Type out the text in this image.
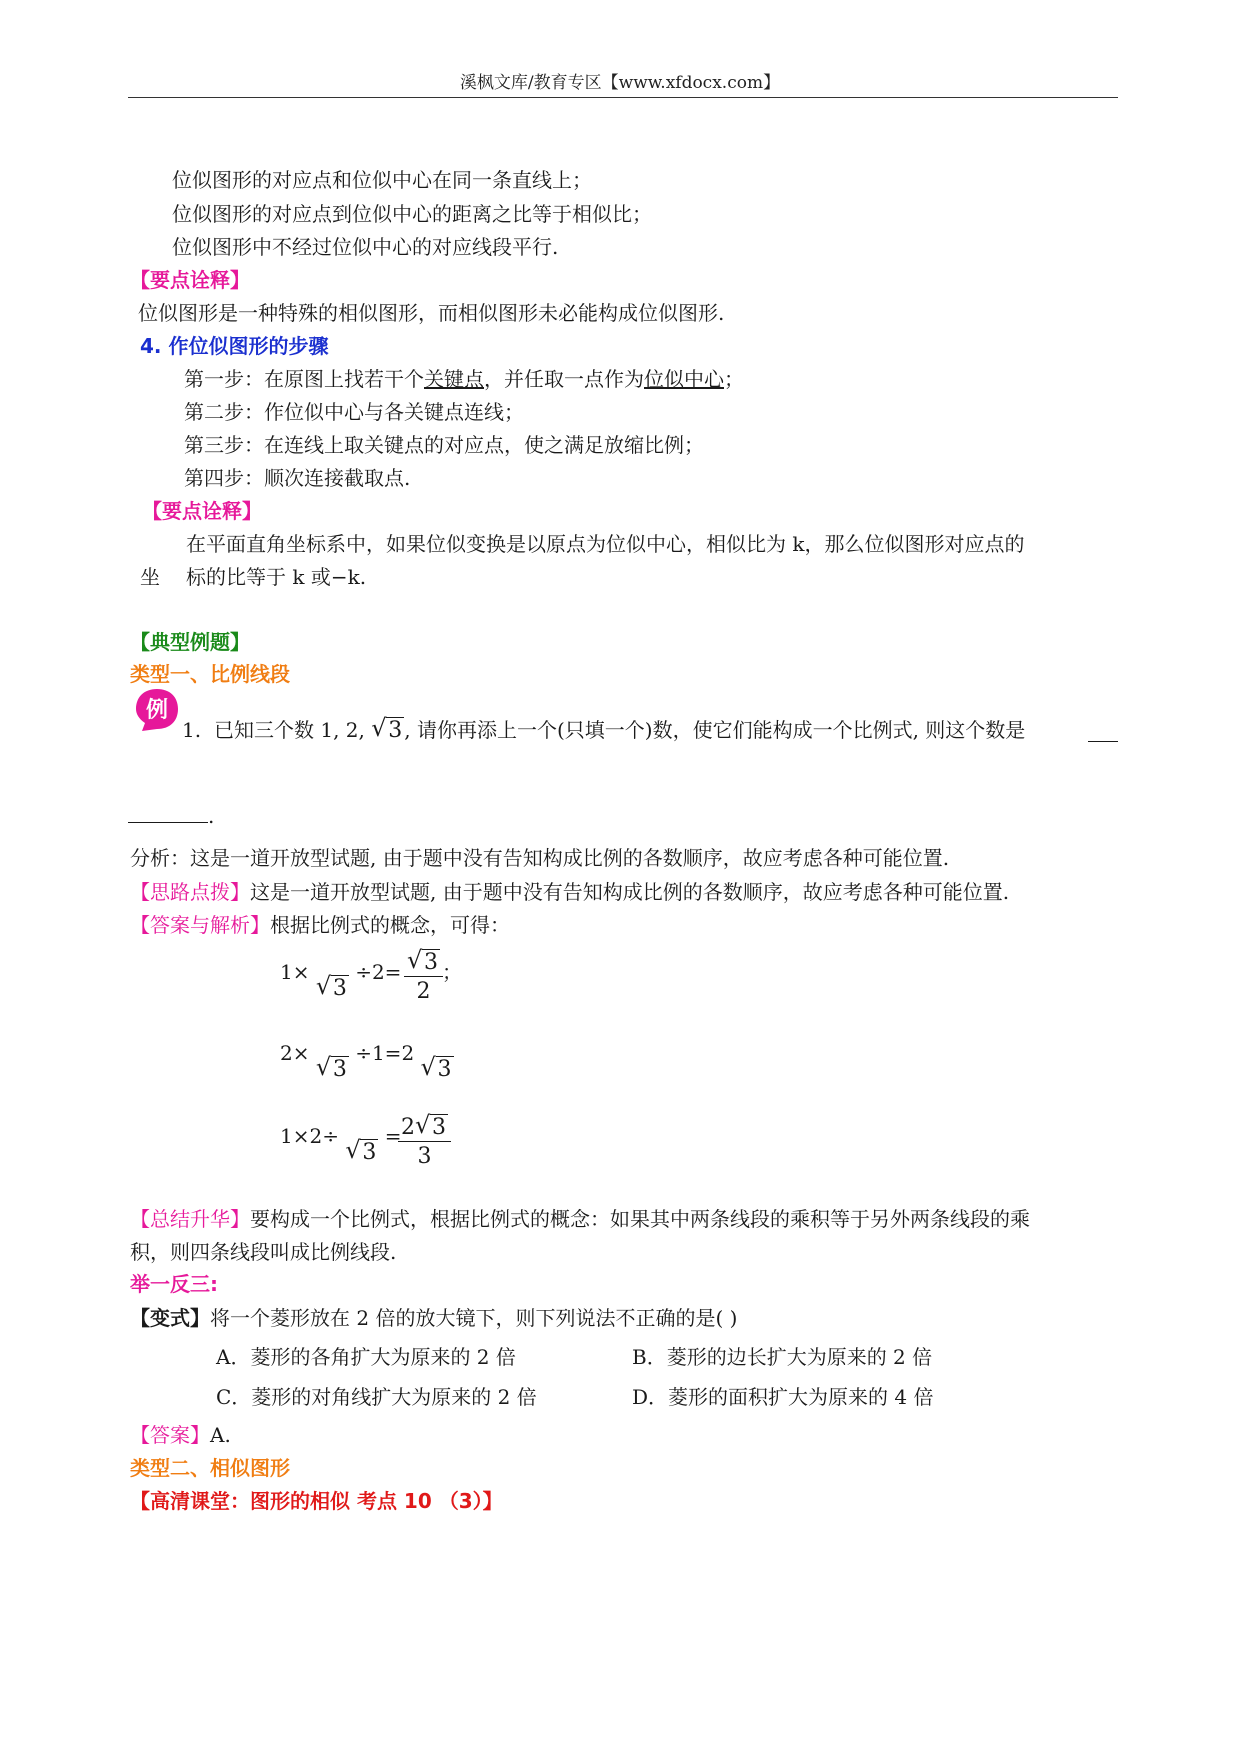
溪枫文库/教育专区【www.xfdocx.com】
位似图形的对应点和位似中心在同一条直线上；
位似图形的对应点到位似中心的距离之比等于相似比；
位似图形中不经过位似中心的对应线段平行.
【要点诠释】
位似图形是一种特殊的相似图形，而相似图形未必能构成位似图形.
4. 作位似图形的步骤
第一步：在原图上找若干个关键点，并任取一点作为位似中心；
第二步：作位似中心与各关键点连线；
第三步：在连线上取关键点的对应点，使之满足放缩比例；
第四步：顺次连接截取点.
【要点诠释】
在平面直角坐标系中，如果位似变换是以原点为位似中心，相似比为 k，那么位似图形对应点的
坐 标的比等于 k 或−k.
【典型例题】
类型一、比例线段
例
1. 已知三个数 1, 2, √ 3 , 请你再添上一个(只填一个)数，使它们能构成一个比例式, 则这个数是
.
分析：这是一道开放型试题, 由于题中没有告知构成比例的各数顺序，故应考虑各种可能位置.
【思路点拨】这是一道开放型试题, 由于题中没有告知构成比例的各数顺序，故应考虑各种可能位置.
【答案与解析】根据比例式的概念，可得：
1× √ $3 \div 2= \frac{√ 3}{2}$ ；
2× √ 3 ÷1=2 √ 3
1×2÷ √ 3 =
$\frac{2 √ 3}{3}$
【总结升华】要构成一个比例式，根据比例式的概念：如果其中两条线段的乘积等于另外两条线段的乘
积，则四条线段叫成比例线段.
举一反三:
【变式】将一个菱形放在 2 倍的放大镜下，则下列说法不正确的是( )
A．菱形的各角扩大为原来的 2 倍	B．菱形的边长扩大为原来的 2 倍
C．菱形的对角线扩大为原来的 2 倍	D．菱形的面积扩大为原来的 4 倍
【答案】A.
类型二、相似图形
【高清课堂：图形的相似 考点 10 （3）】
